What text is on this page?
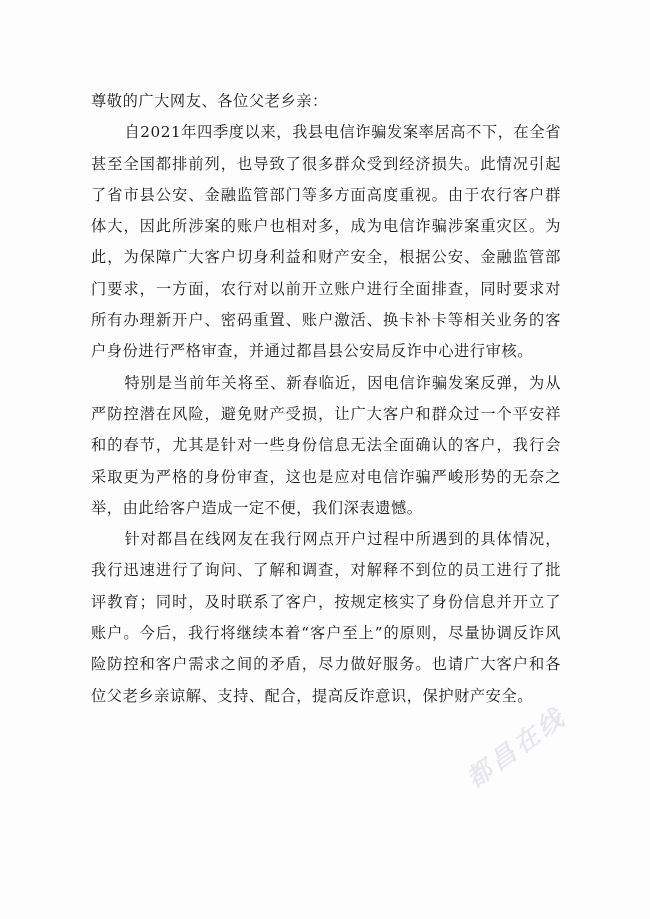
尊敬的广大网友、各位父老乡亲：

自2021年四季度以来，我县电信诈骗发案率居高不下，在全省甚至全国都排前列，也导致了很多群众受到经济损失。此情况引起了省市县公安、金融监管部门等多方面高度重视。由于农行客户群体大，因此所涉案的账户也相对多，成为电信诈骗涉案重灾区。为此，为保障广大客户切身利益和财产安全，根据公安、金融监管部门要求，一方面，农行对以前开立账户进行全面排查，同时要求对所有办理新开户、密码重置、账户激活、换卡补卡等相关业务的客户身份进行严格审查，并通过都昌县公安局反诈中心进行审核。

特别是当前年关将至、新春临近，因电信诈骗发案反弹，为从严防控潜在风险，避免财产受损，让广大客户和群众过一个平安祥和的春节，尤其是针对一些身份信息无法全面确认的客户，我行会采取更为严格的身份审查，这也是应对电信诈骗严峻形势的无奈之举，由此给客户造成一定不便，我们深表遗憾。

针对都昌在线网友在我行网点开户过程中所遇到的具体情况，我行迅速进行了询问、了解和调查，对解释不到位的员工进行了批评教育；同时，及时联系了客户，按规定核实了身份信息并开立了账户。今后，我行将继续本着“客户至上”的原则，尽量协调反诈风险防控和客户需求之间的矛盾，尽力做好服务。也请广大客户和各位父老乡亲谅解、支持、配合，提高反诈意识，保护财产安全。

都昌在线
